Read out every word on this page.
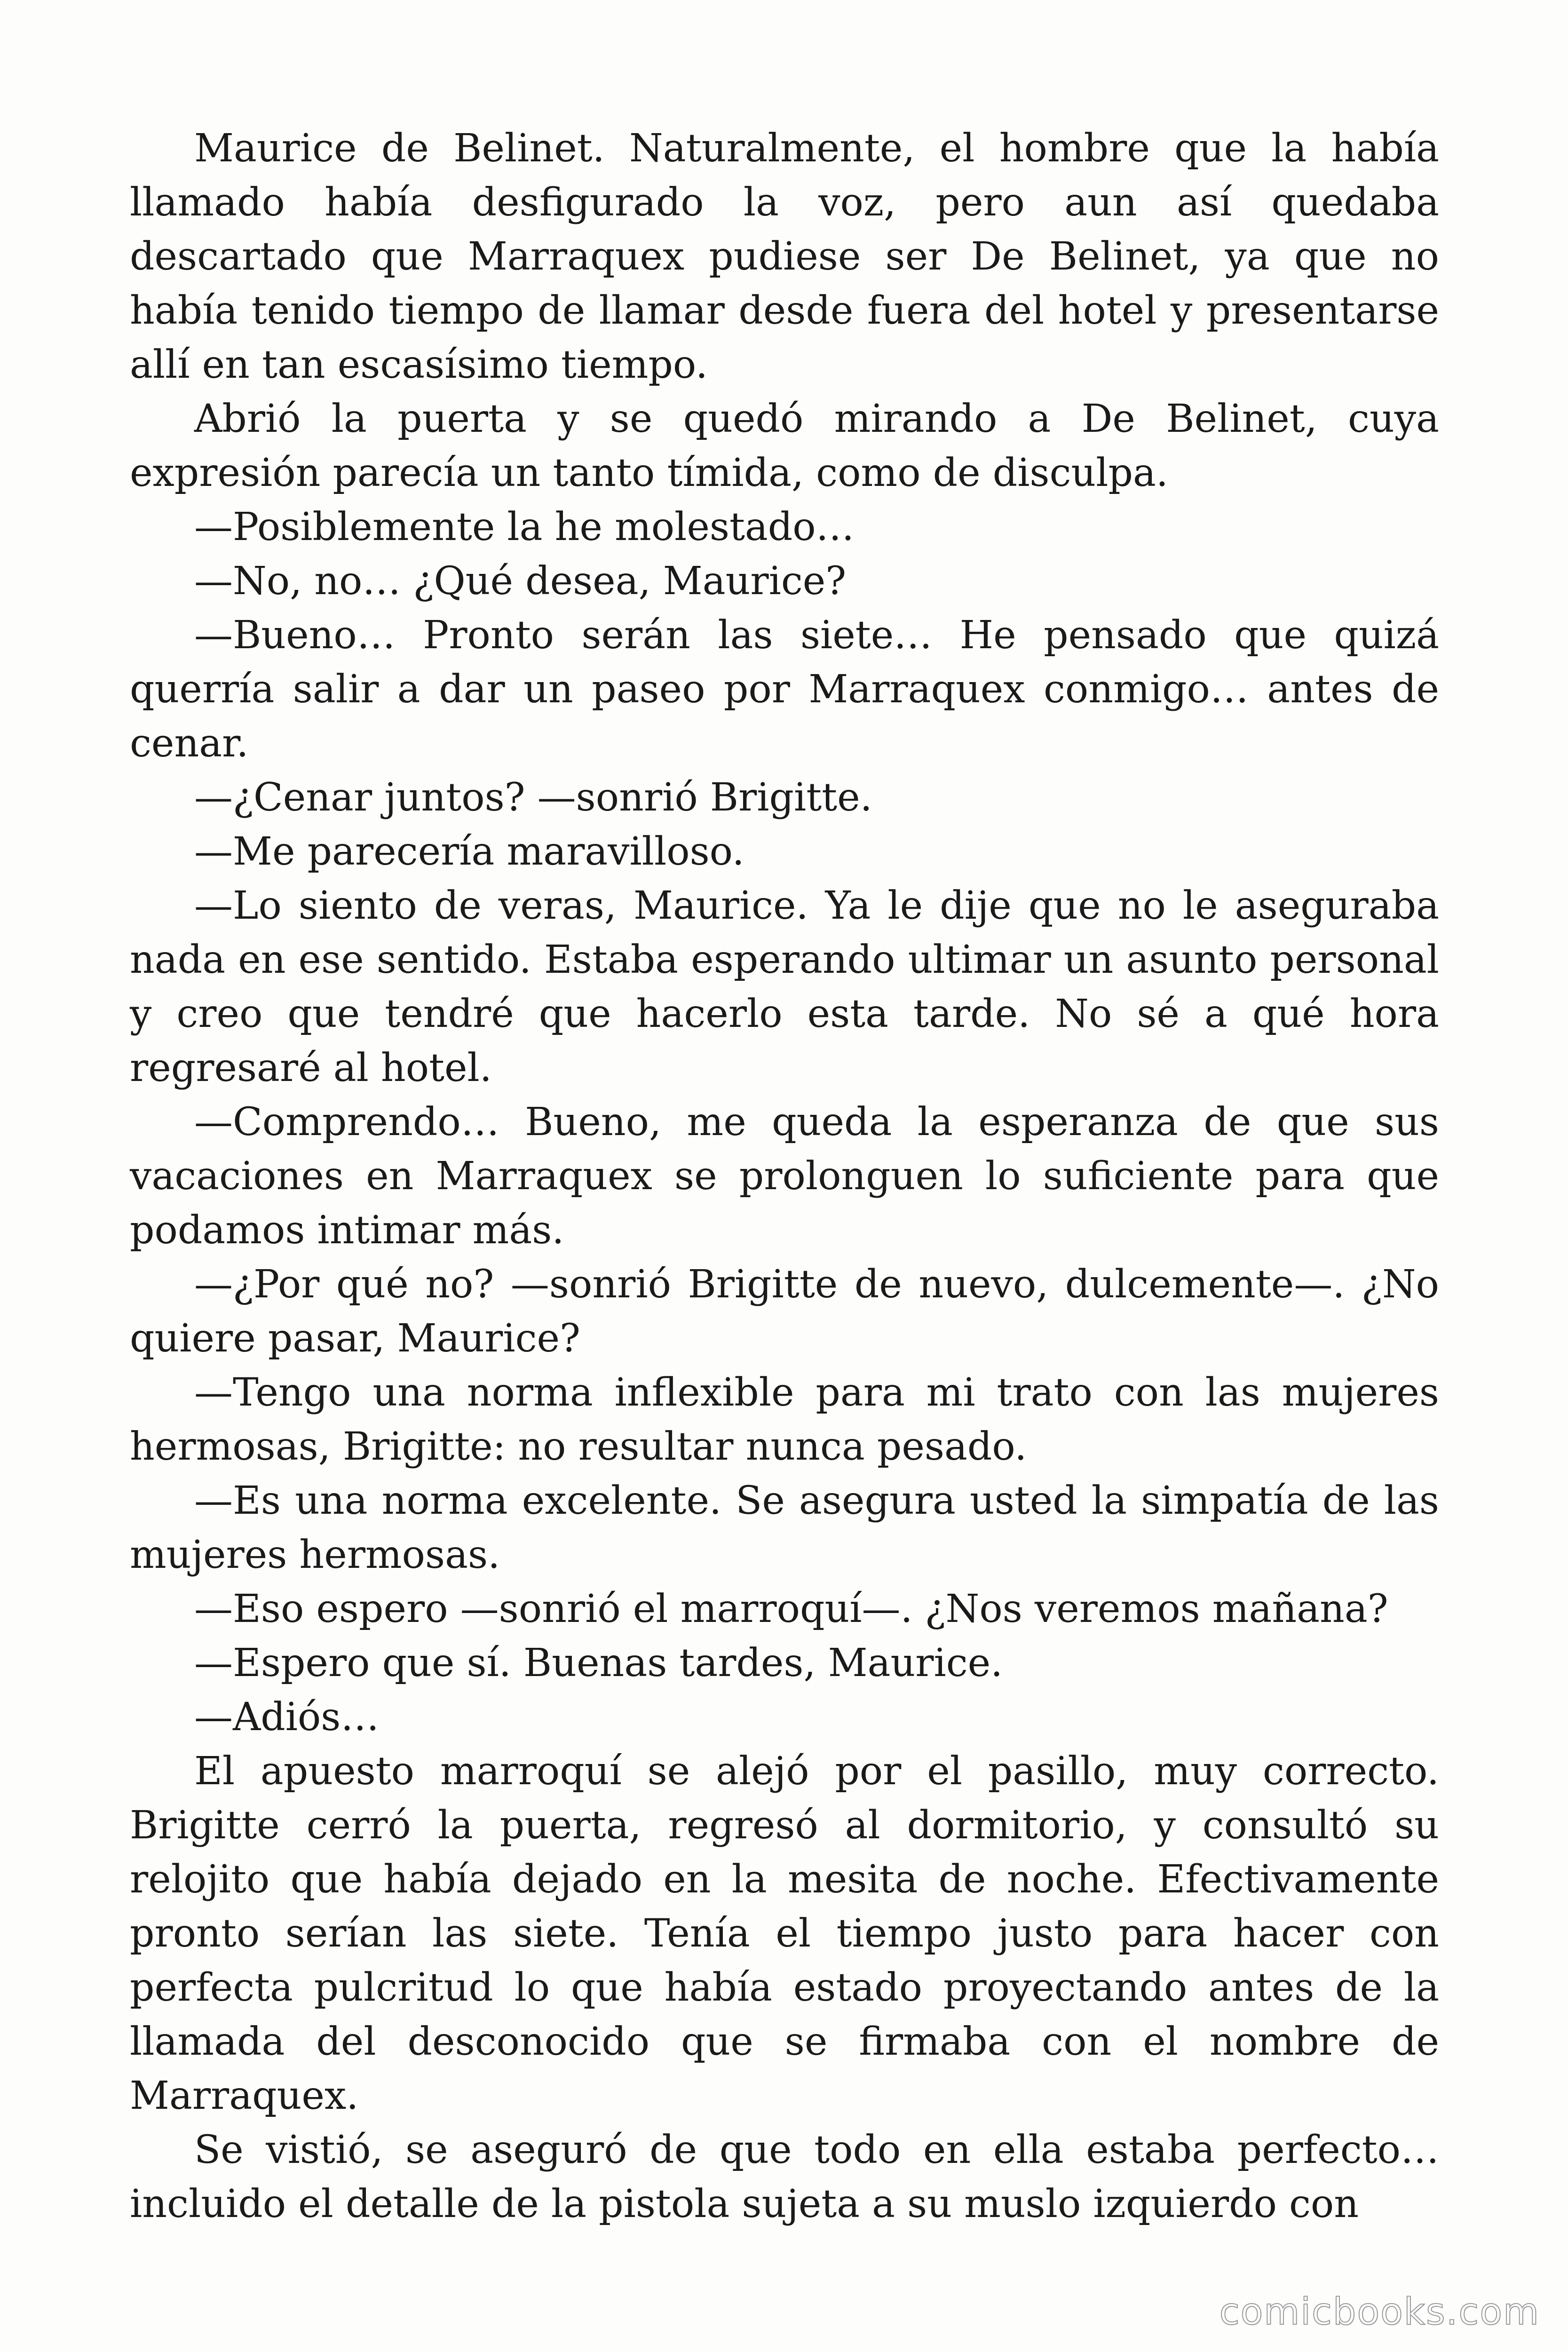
Maurice de Belinet. Naturalmente, el hombre que la había llamado había desfigurado la voz, pero aun así quedaba descartado que Marraquex pudiese ser De Belinet, ya que no había tenido tiempo de llamar desde fuera del hotel y presentarse allí en tan escasísimo tiempo.

Abrió la puerta y se quedó mirando a De Belinet, cuya expresión parecía un tanto tímida, como de disculpa.

—Posiblemente la he molestado…

—No, no… ¿Qué desea, Maurice?

—Bueno… Pronto serán las siete… He pensado que quizá querría salir a dar un paseo por Marraquex conmigo… antes de cenar.

—¿Cenar juntos? —sonrió Brigitte.

—Me parecería maravilloso.

—Lo siento de veras, Maurice. Ya le dije que no le aseguraba nada en ese sentido. Estaba esperando ultimar un asunto personal y creo que tendré que hacerlo esta tarde. No sé a qué hora regresaré al hotel.

—Comprendo… Bueno, me queda la esperanza de que sus vacaciones en Marraquex se prolonguen lo suficiente para que podamos intimar más.

—¿Por qué no? —sonrió Brigitte de nuevo, dulcemente—. ¿No quiere pasar, Maurice?

—Tengo una norma inflexible para mi trato con las mujeres hermosas, Brigitte: no resultar nunca pesado.

—Es una norma excelente. Se asegura usted la simpatía de las mujeres hermosas.

—Eso espero —sonrió el marroquí—. ¿Nos veremos mañana?

—Espero que sí. Buenas tardes, Maurice.

—Adiós…

El apuesto marroquí se alejó por el pasillo, muy correcto. Brigitte cerró la puerta, regresó al dormitorio, y consultó su relojito que había dejado en la mesita de noche. Efectivamente pronto serían las siete. Tenía el tiempo justo para hacer con perfecta pulcritud lo que había estado proyectando antes de la llamada del desconocido que se firmaba con el nombre de Marraquex.

Se vistió, se aseguró de que todo en ella estaba perfecto… incluido el detalle de la pistola sujeta a su muslo izquierdo con

comicbooks.com
